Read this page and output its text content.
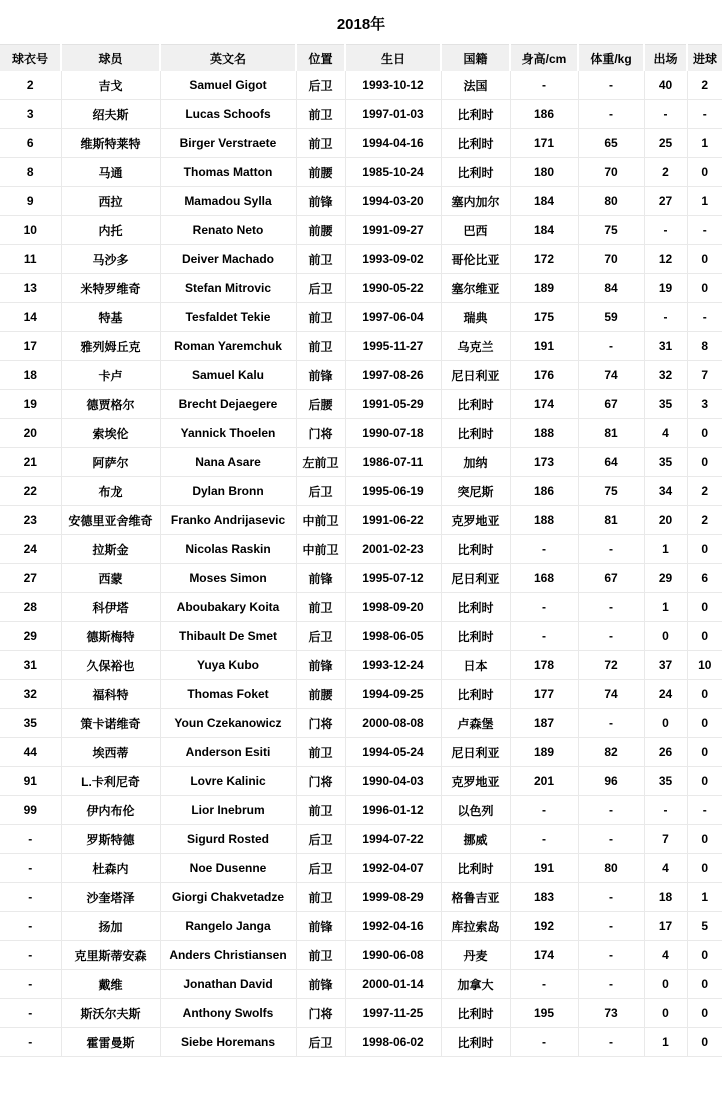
2018年
球衣号	球员	英文名	位置	生日	国籍	身高/cm	体重/kg	出场	进球
2	吉戈	Samuel Gigot	后卫	1993-10-12	法国	-	-	40	2
3	绍夫斯	Lucas Schoofs	前卫	1997-01-03	比利时	186	-	-	-
6	维斯特莱特	Birger Verstraete	前卫	1994-04-16	比利时	171	65	25	1
8	马通	Thomas Matton	前腰	1985-10-24	比利时	180	70	2	0
9	西拉	Mamadou Sylla	前锋	1994-03-20	塞内加尔	184	80	27	1
10	内托	Renato Neto	前腰	1991-09-27	巴西	184	75	-	-
11	马沙多	Deiver Machado	前卫	1993-09-02	哥伦比亚	172	70	12	0
13	米特罗维奇	Stefan Mitrovic	后卫	1990-05-22	塞尔维亚	189	84	19	0
14	特基	Tesfaldet Tekie	前卫	1997-06-04	瑞典	175	59	-	-
17	雅列姆丘克	Roman Yaremchuk	前卫	1995-11-27	乌克兰	191	-	31	8
18	卡卢	Samuel Kalu	前锋	1997-08-26	尼日利亚	176	74	32	7
19	德贾格尔	Brecht Dejaegere	后腰	1991-05-29	比利时	174	67	35	3
20	索埃伦	Yannick Thoelen	门将	1990-07-18	比利时	188	81	4	0
21	阿萨尔	Nana Asare	左前卫	1986-07-11	加纳	173	64	35	0
22	布龙	Dylan Bronn	后卫	1995-06-19	突尼斯	186	75	34	2
23	安德里亚舍维奇	Franko Andrijasevic	中前卫	1991-06-22	克罗地亚	188	81	20	2
24	拉斯金	Nicolas Raskin	中前卫	2001-02-23	比利时	-	-	1	0
27	西蒙	Moses Simon	前锋	1995-07-12	尼日利亚	168	67	29	6
28	科伊塔	Aboubakary Koita	前卫	1998-09-20	比利时	-	-	1	0
29	德斯梅特	Thibault De Smet	后卫	1998-06-05	比利时	-	-	0	0
31	久保裕也	Yuya Kubo	前锋	1993-12-24	日本	178	72	37	10
32	福科特	Thomas Foket	前腰	1994-09-25	比利时	177	74	24	0
35	策卡诺维奇	Youn Czekanowicz	门将	2000-08-08	卢森堡	187	-	0	0
44	埃西蒂	Anderson Esiti	前卫	1994-05-24	尼日利亚	189	82	26	0
91	L.卡利尼奇	Lovre Kalinic	门将	1990-04-03	克罗地亚	201	96	35	0
99	伊内布伦	Lior Inebrum	前卫	1996-01-12	以色列	-	-	-	-
-	罗斯特德	Sigurd Rosted	后卫	1994-07-22	挪威	-	-	7	0
-	杜森内	Noe Dusenne	后卫	1992-04-07	比利时	191	80	4	0
-	沙奎塔泽	Giorgi Chakvetadze	前卫	1999-08-29	格鲁吉亚	183	-	18	1
-	扬加	Rangelo Janga	前锋	1992-04-16	库拉索岛	192	-	17	5
-	克里斯蒂安森	Anders Christiansen	前卫	1990-06-08	丹麦	174	-	4	0
-	戴维	Jonathan David	前锋	2000-01-14	加拿大	-	-	0	0
-	斯沃尔夫斯	Anthony Swolfs	门将	1997-11-25	比利时	195	73	0	0
-	霍雷曼斯	Siebe Horemans	后卫	1998-06-02	比利时	-	-	1	0
